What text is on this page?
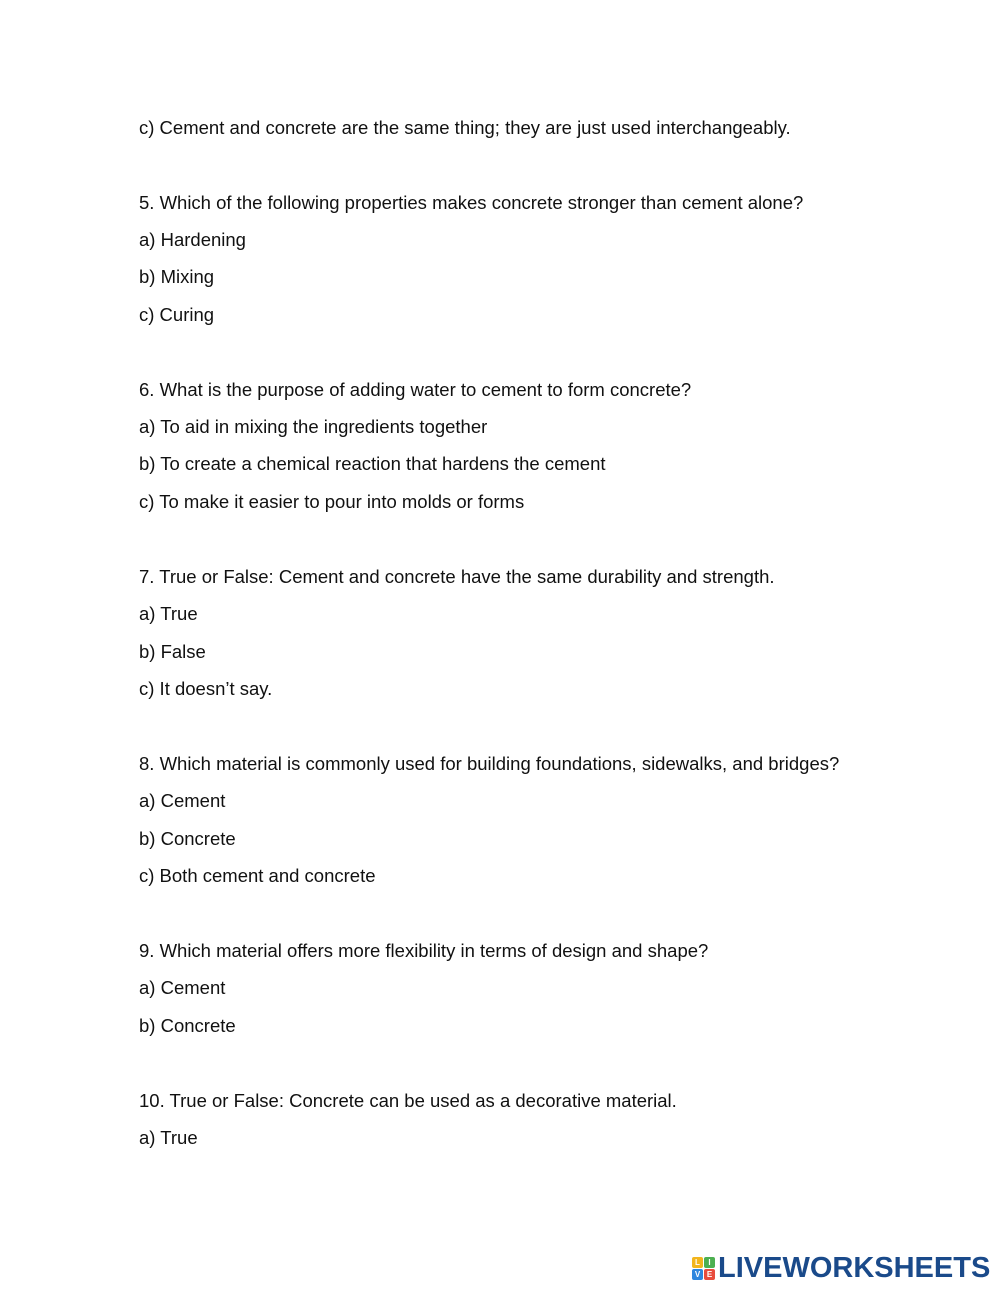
c) Cement and concrete are the same thing; they are just used interchangeably.
5. Which of the following properties makes concrete stronger than cement alone?
a) Hardening
b) Mixing
c) Curing
6. What is the purpose of adding water to cement to form concrete?
a) To aid in mixing the ingredients together
b) To create a chemical reaction that hardens the cement
c) To make it easier to pour into molds or forms
7. True or False: Cement and concrete have the same durability and strength.
a) True
b) False
c) It doesn’t say.
8. Which material is commonly used for building foundations, sidewalks, and bridges?
a) Cement
b) Concrete
c) Both cement and concrete
9. Which material offers more flexibility in terms of design and shape?
a) Cement
b) Concrete
10. True or False: Concrete can be used as a decorative material.
a) True
L	I
V E LIVEWORKSHEETS
